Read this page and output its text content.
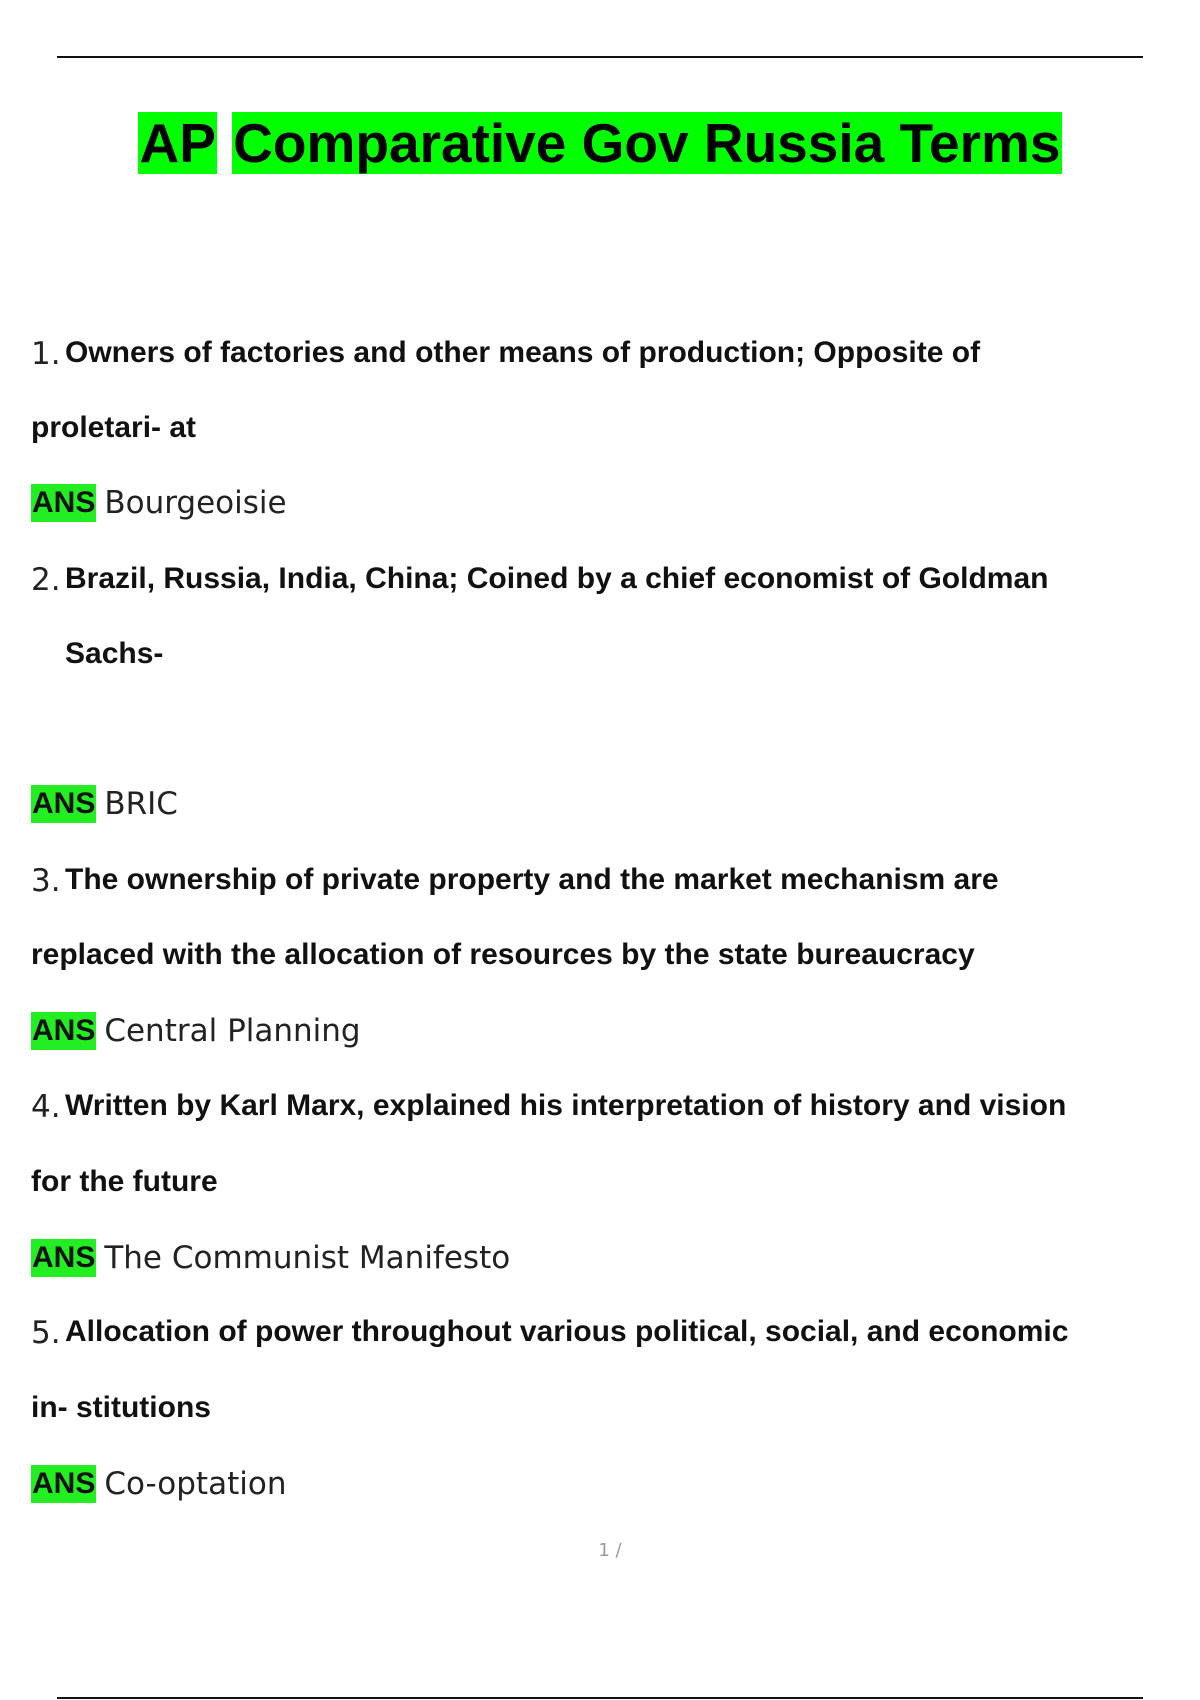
AP Comparative Gov Russia Terms
1. Owners of factories and other means of production; Opposite of
proletari- at
ANS Bourgeoisie
2. Brazil, Russia, India, China; Coined by a chief economist of Goldman
Sachs-
ANS BRIC
3. The ownership of private property and the market mechanism are
replaced with the allocation of resources by the state bureaucracy
ANS Central Planning
4. Written by Karl Marx, explained his interpretation of history and vision
for the future
ANS The Communist Manifesto
5. Allocation of power throughout various political, social, and economic
in- stitutions
ANS Co-optation
1 /
